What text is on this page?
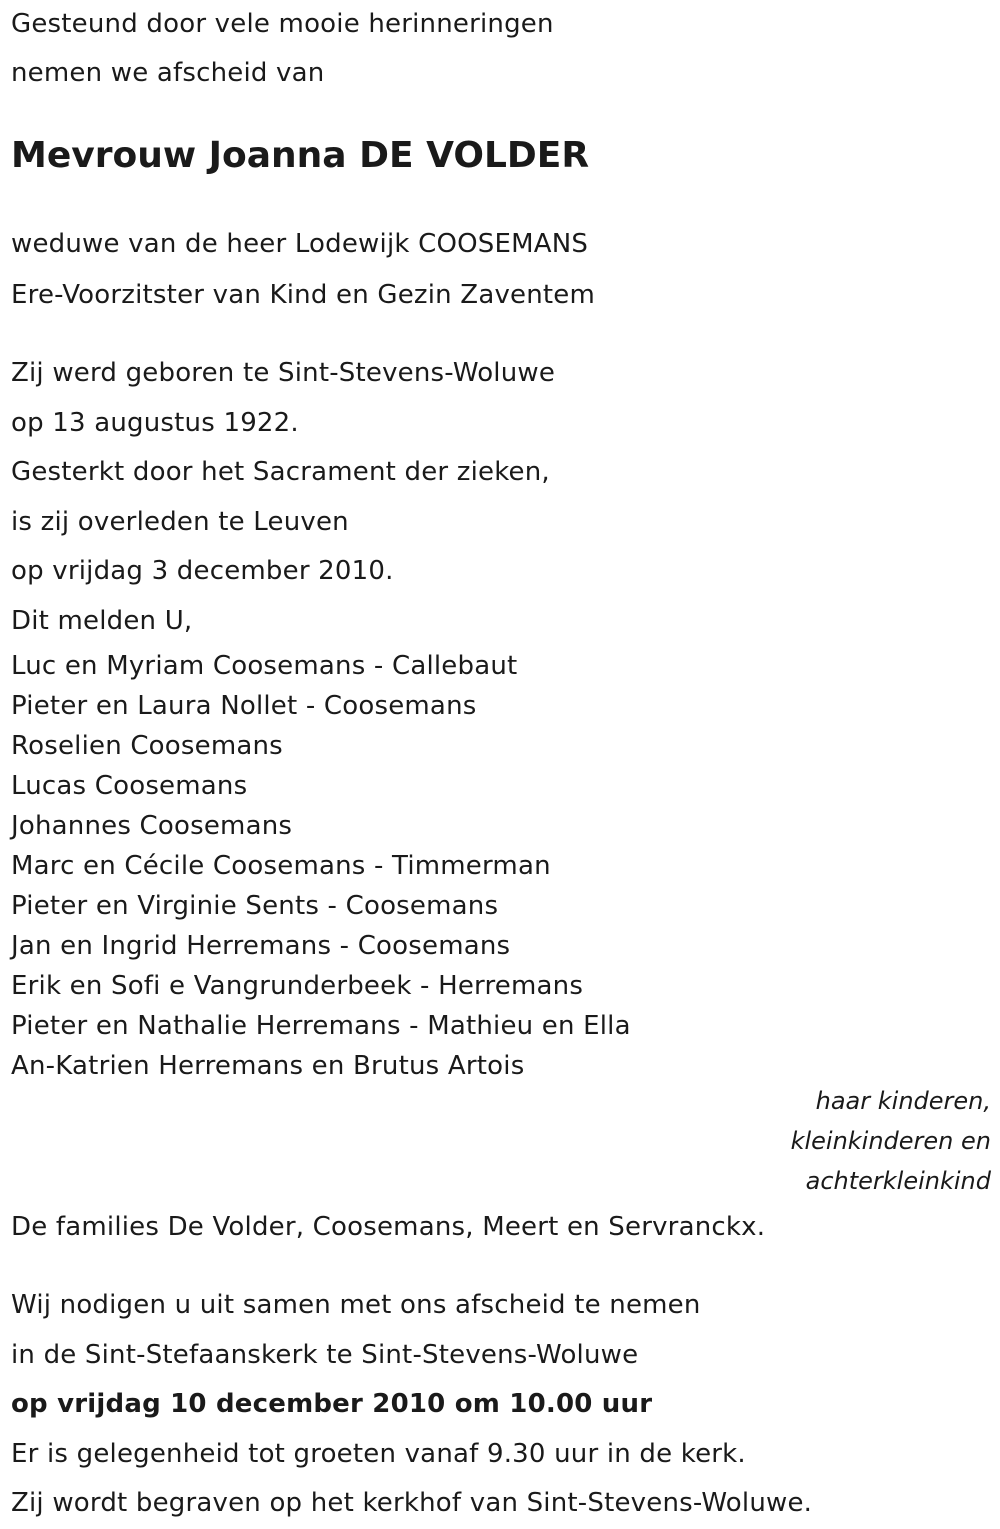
Gesteund door vele mooie herinneringen
nemen we afscheid van
Mevrouw Joanna DE VOLDER
weduwe van de heer Lodewijk COOSEMANS
Ere-Voorzitster van Kind en Gezin Zaventem
Zij werd geboren te Sint-Stevens-Woluwe
op 13 augustus 1922.
Gesterkt door het Sacrament der zieken,
is zij overleden te Leuven
op vrijdag 3 december 2010.
Dit melden U,
Luc en Myriam Coosemans - Callebaut
Pieter en Laura Nollet - Coosemans
Roselien Coosemans
Lucas Coosemans
Johannes Coosemans
Marc en Cécile Coosemans - Timmerman
Pieter en Virginie Sents - Coosemans
Jan en Ingrid Herremans - Coosemans
Erik en Sofi e Vangrunderbeek - Herremans
Pieter en Nathalie Herremans - Mathieu en Ella
An-Katrien Herremans en Brutus Artois
haar kinderen,
kleinkinderen en
achterkleinkind
De families De Volder, Coosemans, Meert en Servranckx.
Wij nodigen u uit samen met ons afscheid te nemen
in de Sint-Stefaanskerk te Sint-Stevens-Woluwe
op vrijdag 10 december 2010 om 10.00 uur
Er is gelegenheid tot groeten vanaf 9.30 uur in de kerk.
Zij wordt begraven op het kerkhof van Sint-Stevens-Woluwe.
